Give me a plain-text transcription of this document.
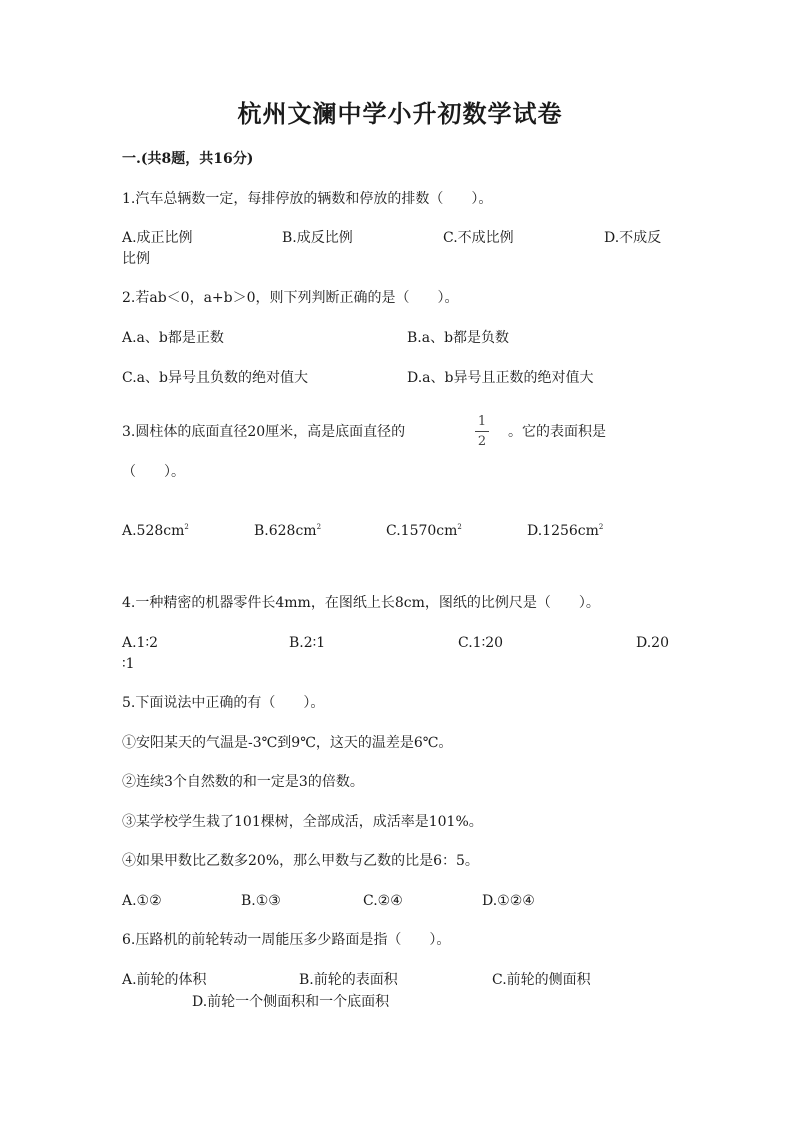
杭州文澜中学小升初数学试卷
一.(共8题，共16分)
1.汽车总辆数一定，每排停放的辆数和停放的排数（　　）。
A.成正比例	B.成反比例	C.不成比例	D.不成反
比例
2.若ab＜0，a+b＞0，则下列判断正确的是（　　）。
A.a、b都是正数	B.a、b都是负数
C.a、b异号且负数的绝对值大	D.a、b异号且正数的绝对值大
3.圆柱体的底面直径20厘米，高是底面直径的
1
2
。它的表面积是
（　　）。
$A.528cm^2$	$B.628cm^2$	$C.1570cm^2$	$D.1256cm^2$
4.一种精密的机器零件长4mm，在图纸上长8cm，图纸的比例尺是（　　）。
A.1∶2	B.2∶1	C.1∶20	D.20
∶1
5.下面说法中正确的有（　　）。
①安阳某天的气温是-3℃到9℃，这天的温差是6℃。
②连续3个自然数的和一定是3的倍数。
③某学校学生栽了101棵树，全部成活，成活率是101%。
④如果甲数比乙数多20%，那么甲数与乙数的比是6：5。
A.①②	B.①③	C.②④	D.①②④
6.压路机的前轮转动一周能压多少路面是指（　　）。
A.前轮的体积	B.前轮的表面积	C.前轮的侧面积
D.前轮一个侧面积和一个底面积
